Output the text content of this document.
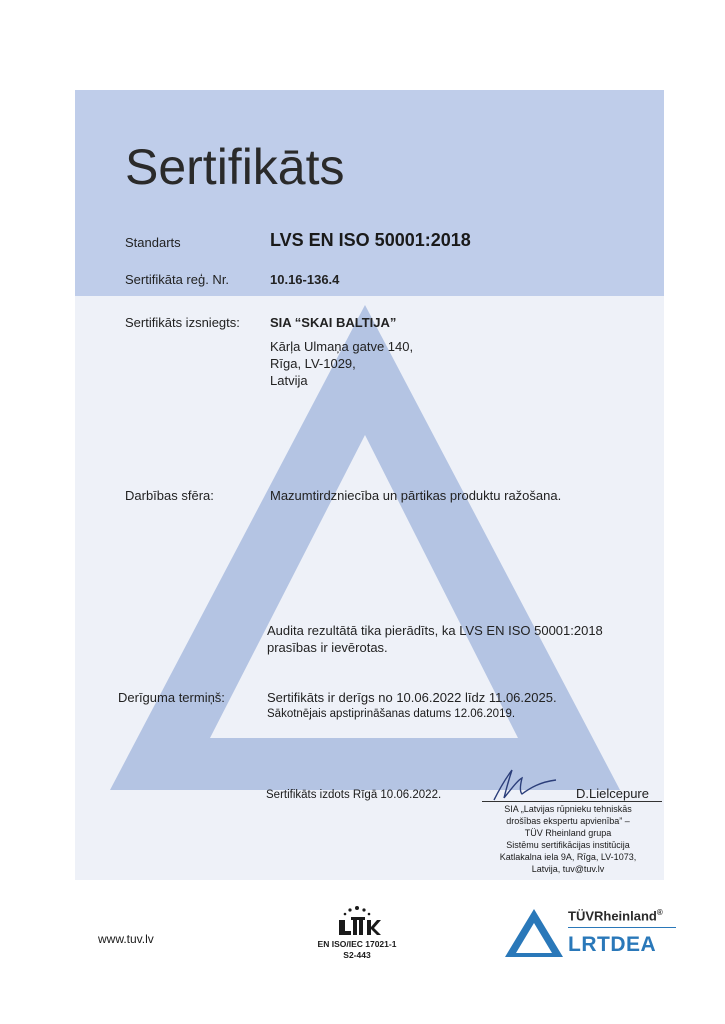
Sertifikāts
Standarts	LVS EN ISO 50001:2018
Sertifikāta reģ. Nr.	10.16-136.4
Sertifikāts izsniegts: SIA “SKAI BALTIJA”
Kārļa Ulmaņa gatve 140,
Rīga, LV-1029,
Latvija
Darbības sfēra:	Mazumtirdzniecība un pārtikas produktu ražošana.
Audita rezultātā tika pierādīts, ka LVS EN ISO 50001:2018
prasības ir ievērotas.
Derīguma termiņš:	Sertifikāts ir derīgs no 10.06.2022 līdz 11.06.2025.
Sākotnējais apstiprināšanas datums 12.06.2019.
Sertifikāts izdots Rīgā 10.06.2022.	D.Lielcepure
SIA „Latvijas rūpnieku tehniskās
drošības ekspertu apvienība” –
TÜV Rheinland grupa
Sistēmu sertifikācijas institūcija
Katlakalna iela 9A, Rīga, LV-1073,
Latvija, tuv@tuv.lv
www.tuv.lv	EN ISO/IEC 17021-1
S2-443
TÜVRheinland®
LRTDEA
